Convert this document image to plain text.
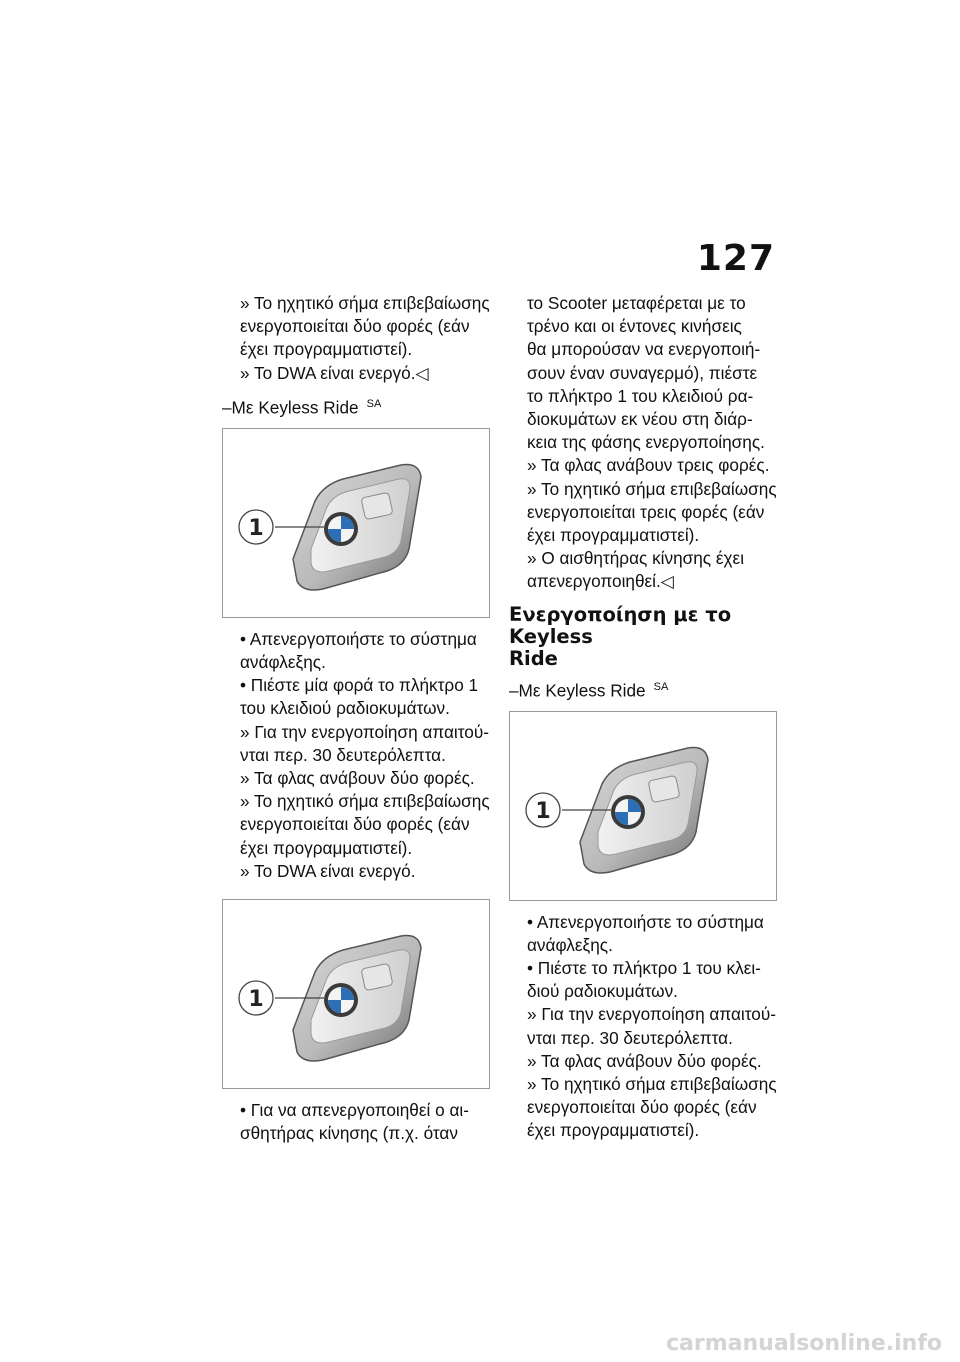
127
» Το ηχητικό σήμα επιβεβαίωσης
ενεργοποιείται δύο φορές (εάν
έχει προγραμματιστεί).
» Το DWA είναι ενεργό.◁
–Με Keyless Ride $^{SA}$
1
• Απενεργοποιήστε το σύστημα
ανάφλεξης.
• Πιέστε μία φορά το πλήκτρο 1
του κλειδιού ραδιοκυμάτων.
» Για την ενεργοποίηση απαιτού-
νται περ. 30 δευτερόλεπτα.
» Τα φλας ανάβουν δύο φορές.
» Το ηχητικό σήμα επιβεβαίωσης
ενεργοποιείται δύο φορές (εάν
έχει προγραμματιστεί).
» Το DWA είναι ενεργό.
1
• Για να απενεργοποιηθεί ο αι-
σθητήρας κίνησης (π.χ. όταν
το Scooter μεταφέρεται με το
τρένο και οι έντονες κινήσεις
θα μπορούσαν να ενεργοποιή-
σουν έναν συναγερμό), πιέστε
το πλήκτρο 1 του κλειδιού ρα-
διοκυμάτων εκ νέου στη διάρ-
κεια της φάσης ενεργοποίησης.
» Τα φλας ανάβουν τρεις φορές.
» Το ηχητικό σήμα επιβεβαίωσης
ενεργοποιείται τρεις φορές (εάν
έχει προγραμματιστεί).
» Ο αισθητήρας κίνησης έχει
απενεργοποιηθεί.◁
Ενεργοποίηση με το Keyless
Ride
–Με Keyless Ride $^{SA}$
1
• Απενεργοποιήστε το σύστημα
ανάφλεξης.
• Πιέστε το πλήκτρο 1 του κλει-
διού ραδιοκυμάτων.
» Για την ενεργοποίηση απαιτού-
νται περ. 30 δευτερόλεπτα.
» Τα φλας ανάβουν δύο φορές.
» Το ηχητικό σήμα επιβεβαίωσης
ενεργοποιείται δύο φορές (εάν
έχει προγραμματιστεί).
carmanualsonline.info
